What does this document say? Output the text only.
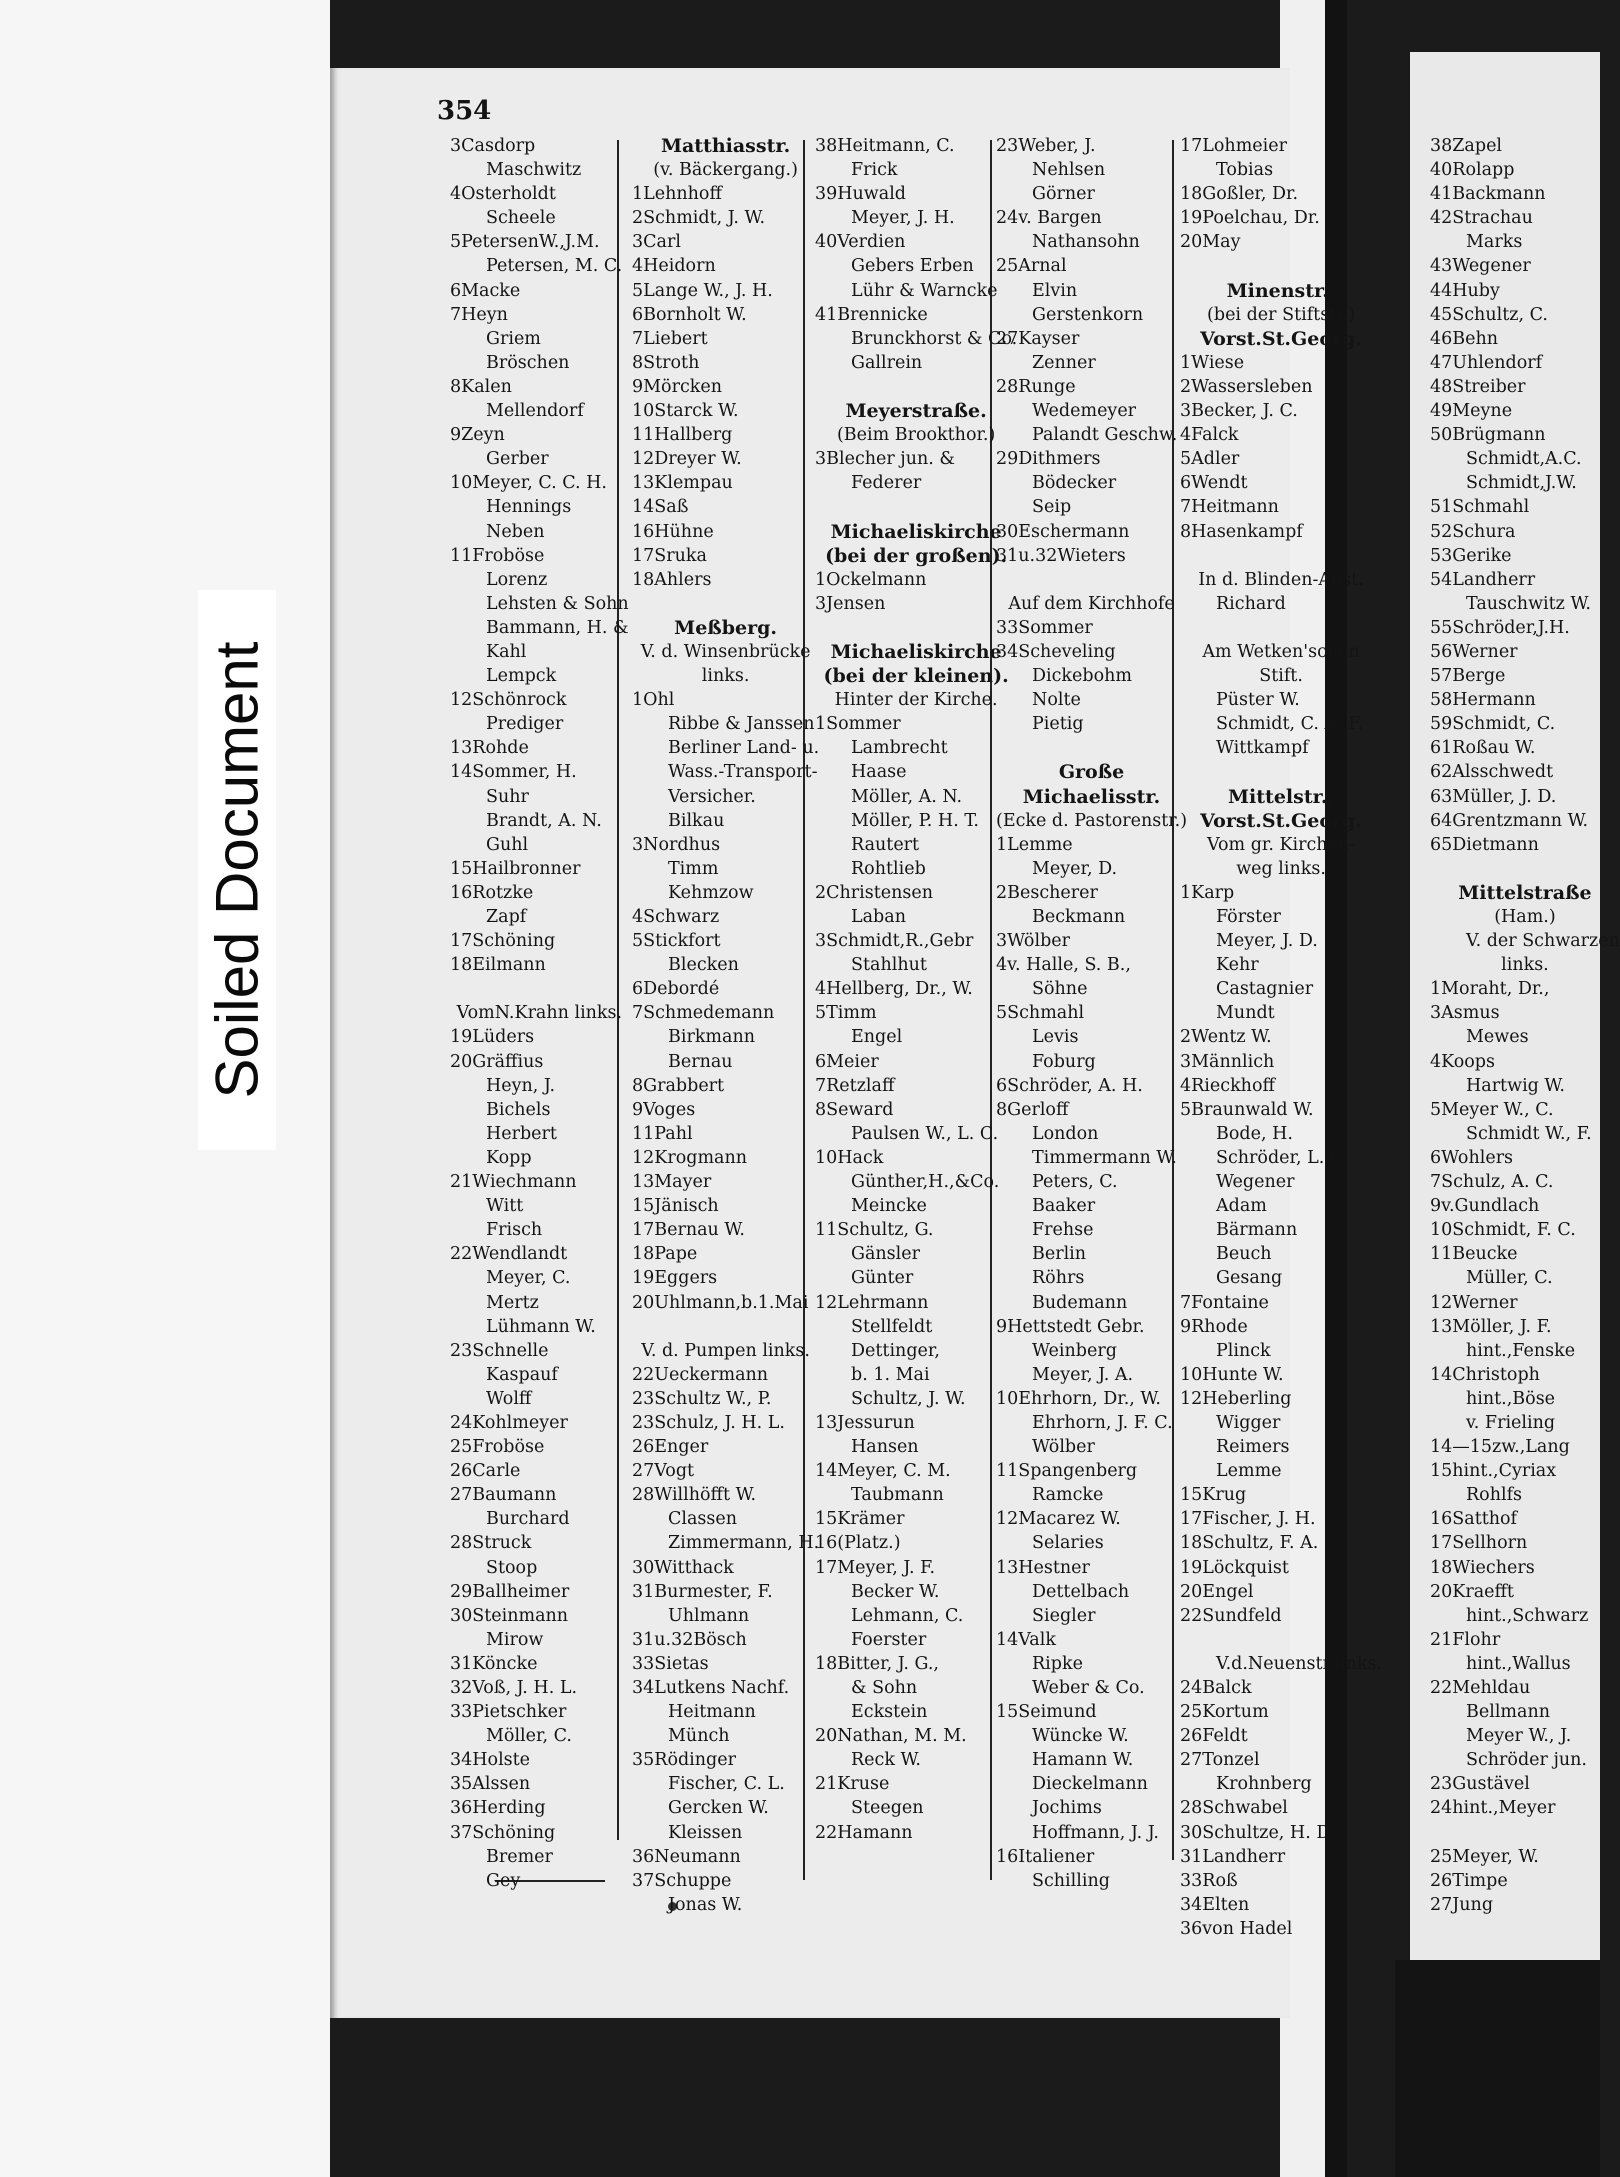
Soiled Document
354
3Casdorp
Maschwitz
4Osterholdt
Scheele
5PetersenW.,J.M.
Petersen, M. C.
6Macke
7Heyn
Griem
Bröschen
8Kalen
Mellendorf
9Zeyn
Gerber
10Meyer, C. C. H.
Hennings
Neben
11Froböse
Lorenz
Lehsten & Sohn
Bammann, H. &
Kahl
Lempck
12Schönrock
Prediger
13Rohde
14Sommer, H.
Suhr
Brandt, A. N.
Guhl
15Hailbronner
16Rotzke
Zapf
17Schöning
18Eilmann
VomN.Krahn links.
19Lüders
20Gräffius
Heyn, J.
Bichels
Herbert
Kopp
21Wiechmann
Witt
Frisch
22Wendlandt
Meyer, C.
Mertz
Lühmann W.
23Schnelle
Kaspauf
Wolff
24Kohlmeyer
25Froböse
26Carle
27Baumann
Burchard
28Struck
Stoop
29Ballheimer
30Steinmann
Mirow
31Köncke
32Voß, J. H. L.
33Pietschker
Möller, C.
34Holste
35Alssen
36Herding
37Schöning
Bremer
Gey
Matthiasstr.
(v. Bäckergang.)
1Lehnhoff
2Schmidt, J. W.
3Carl
4Heidorn
5Lange W., J. H.
6Bornholt W.
7Liebert
8Stroth
9Mörcken
10Starck W.
11Hallberg
12Dreyer W.
13Klempau
14Saß
16Hühne
17Sruka
18Ahlers
Meßberg.
V. d. Winsenbrücke
links.
1Ohl
Ribbe & Janssen
Berliner Land- u.
Wass.-Transport-
Versicher.
Bilkau
3Nordhus
Timm
Kehmzow
4Schwarz
5Stickfort
Blecken
6Debordé
7Schmedemann
Birkmann
Bernau
8Grabbert
9Voges
11Pahl
12Krogmann
13Mayer
15Jänisch
17Bernau W.
18Pape
19Eggers
20Uhlmann,b.1.Mai
V. d. Pumpen links.
22Ueckermann
23Schultz W., P.
23Schulz, J. H. L.
26Enger
27Vogt
28Willhöfft W.
Classen
Zimmermann, H.
30Witthack
31Burmester, F.
Uhlmann
31u.32Bösch
33Sietas
34Lutkens Nachf.
Heitmann
Münch
35Rödinger
Fischer, C. L.
Gercken W.
Kleissen
36Neumann
37Schuppe
Jonas W.
38Heitmann, C.
Frick
39Huwald
Meyer, J. H.
40Verdien
Gebers Erben
Lühr & Warncke
41Brennicke
Brunckhorst & Co.
Gallrein
Meyerstraße.
(Beim Brookthor.)
3Blecher jun. &
Federer
Michaeliskirche
(bei der großen).
1Ockelmann
3Jensen
Michaeliskirche
(bei der kleinen).
Hinter der Kirche.
1Sommer
Lambrecht
Haase
Möller, A. N.
Möller, P. H. T.
Rautert
Rohtlieb
2Christensen
Laban
3Schmidt,R.,Gebr
Stahlhut
4Hellberg, Dr., W.
5Timm
Engel
6Meier
7Retzlaff
8Seward
Paulsen W., L. C.
10Hack
Günther,H.,&Co.
Meincke
11Schultz, G.
Gänsler
Günter
12Lehrmann
Stellfeldt
Dettinger,
b. 1. Mai
Schultz, J. W.
13Jessurun
Hansen
14Meyer, C. M.
Taubmann
15Krämer
16(Platz.)
17Meyer, J. F.
Becker W.
Lehmann, C.
Foerster
18Bitter, J. G.,
& Sohn
Eckstein
20Nathan, M. M.
Reck W.
21Kruse
Steegen
22Hamann
23Weber, J.
Nehlsen
Görner
24v. Bargen
Nathansohn
25Arnal
Elvin
Gerstenkorn
27Kayser
Zenner
28Runge
Wedemeyer
Palandt Geschw.
29Dithmers
Bödecker
Seip
30Eschermann
31u.32Wieters
Auf dem Kirchhofe
33Sommer
34Scheveling
Dickebohm
Nolte
Pietig
Große
Michaelisstr.
(Ecke d. Pastorenstr.)
1Lemme
Meyer, D.
2Bescherer
Beckmann
3Wölber
4v. Halle, S. B.,
Söhne
5Schmahl
Levis
Foburg
6Schröder, A. H.
8Gerloff
London
Timmermann W.
Peters, C.
Baaker
Frehse
Berlin
Röhrs
Budemann
9Hettstedt Gebr.
Weinberg
Meyer, J. A.
10Ehrhorn, Dr., W.
Ehrhorn, J. F. C.
Wölber
11Spangenberg
Ramcke
12Macarez W.
Selaries
13Hestner
Dettelbach
Siegler
14Valk
Ripke
Weber & Co.
15Seimund
Wüncke W.
Hamann W.
Dieckelmann
Jochims
Hoffmann, J. J.
16Italiener
Schilling
17Lohmeier
Tobias
18Goßler, Dr.
19Poelchau, Dr.
20May
Minenstr.,
(bei der Stiftstr.)
Vorst.St.Georg.
1Wiese
2Wassersleben
3Becker, J. C.
4Falck
5Adler
6Wendt
7Heitmann
8Hasenkampf
In d. Blinden-Anst.
Richard
Am Wetken'schen
Stift.
Püster W.
Schmidt, C. A. F.
Wittkampf
Mittelstr.,
Vorst.St.Georg.
Vom gr. Kirchen-
weg links.
1Karp
Förster
Meyer, J. D.
Kehr
Castagnier
Mundt
2Wentz W.
3Männlich
4Rieckhoff
5Braunwald W.
Bode, H.
Schröder, L. C.
Wegener
Adam
Bärmann
Beuch
Gesang
7Fontaine
9Rhode
Plinck
10Hunte W.
12Heberling
Wigger
Reimers
Lemme
15Krug
17Fischer, J. H.
18Schultz, F. A.
19Löckquist
20Engel
22Sundfeld
V.d.Neuenstr.links.
24Balck
25Kortum
26Feldt
27Tonzel
Krohnberg
28Schwabel
30Schultze, H. D.
31Landherr
33Roß
34Elten
36von Hadel
38Zapel
40Rolapp
41Backmann
42Strachau
Marks
43Wegener
44Huby
45Schultz, C.
46Behn
47Uhlendorf
48Streiber
49Meyne
50Brügmann
Schmidt,A.C.
Schmidt,J.W.
51Schmahl
52Schura
53Gerike
54Landherr
Tauschwitz W.
55Schröder,J.H.
56Werner
57Berge
58Hermann
59Schmidt, C.
61Roßau W.
62Alsschwedt
63Müller, J. D.
64Grentzmann W.
65Dietmann
Mittelstraße
(Ham.)
V. der Schwarzen
links.
1Moraht, Dr.,
3Asmus
Mewes
4Koops
Hartwig W.
5Meyer W., C.
Schmidt W., F.
6Wohlers
7Schulz, A. C.
9v.Gundlach
10Schmidt, F. C.
11Beucke
Müller, C.
12Werner
13Möller, J. F.
hint.,Fenske
14Christoph
hint.,Böse
v. Frieling
14—15zw.,Lang
15hint.,Cyriax
Rohlfs
16Satthof
17Sellhorn
18Wiechers
20Kraefft
hint.,Schwarz
21Flohr
hint.,Wallus
22Mehldau
Bellmann
Meyer W., J.
Schröder jun.
23Gustävel
24hint.,Meyer
25Meyer, W.
26Timpe
27Jung
